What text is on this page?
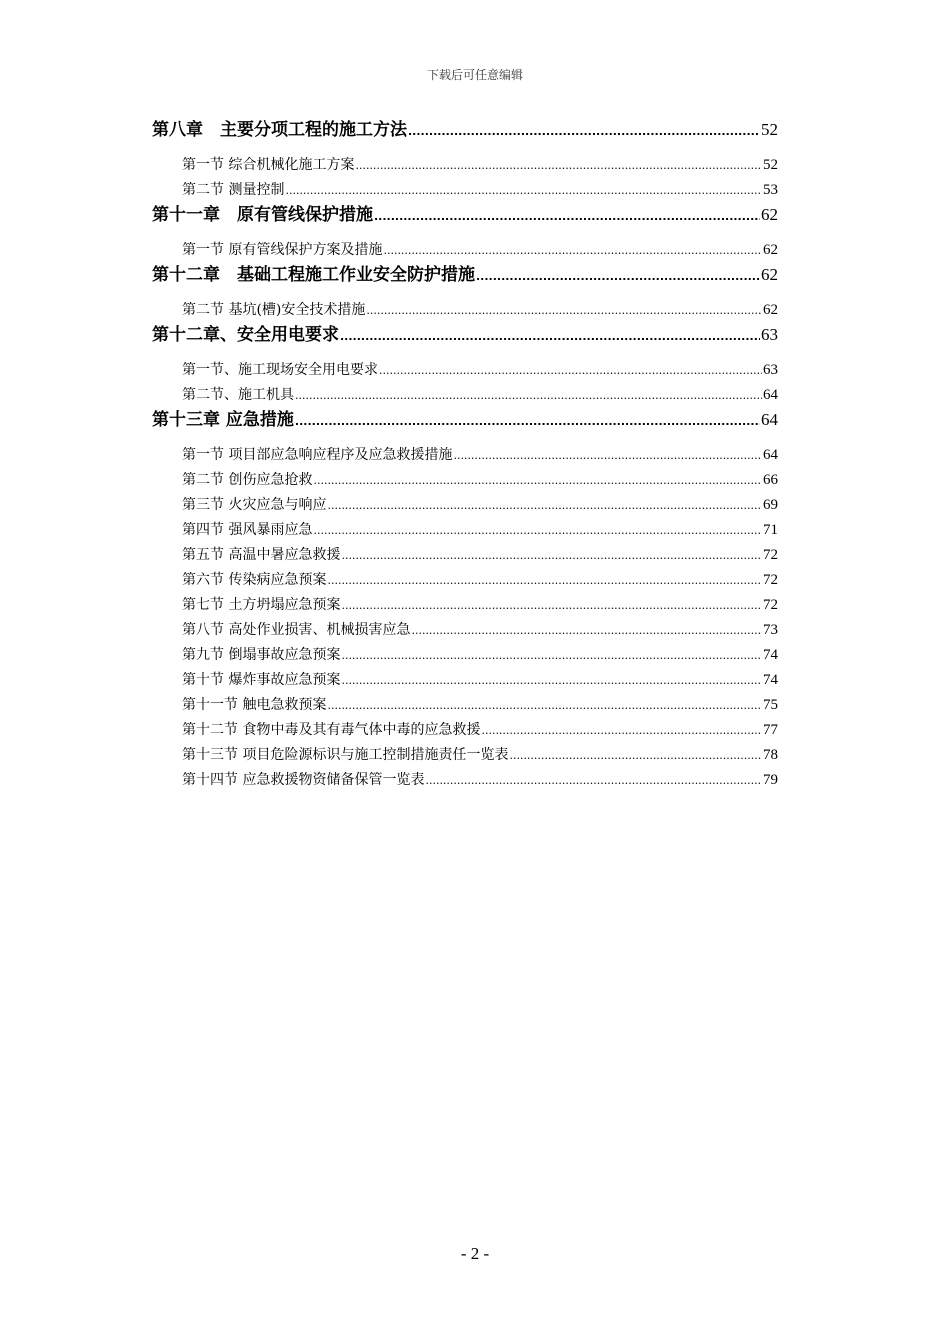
下载后可任意编辑
第八章　主要分项工程的施工方法 .....	52
第一节 综合机械化施工方案 .....	52
第二节 测量控制 .....	53
第十一章　原有管线保护措施 .....	62
第一节 原有管线保护方案及措施 .....	62
第十二章　基础工程施工作业安全防护措施 .....	62
第二节 基坑(槽)安全技术措施 .....	62
第十二章、安全用电要求 .....	63
第一节、施工现场安全用电要求 .....	63
第二节、施工机具 .....	64
第十三章 应急措施 .....	64
第一节 项目部应急响应程序及应急救援措施 .....	64
第二节 创伤应急抢救 .....	66
第三节 火灾应急与响应 .....	69
第四节 强风暴雨应急 .....	71
第五节 高温中暑应急救援 .....	72
第六节 传染病应急预案 .....	72
第七节 土方坍塌应急预案 .....	72
第八节 高处作业损害、机械损害应急 .....	73
第九节 倒塌事故应急预案 .....	74
第十节 爆炸事故应急预案 .....	74
第十一节 触电急救预案 .....	75
第十二节 食物中毒及其有毒气体中毒的应急救援 .....	77
第十三节 项目危险源标识与施工控制措施责任一览表 .....	78
第十四节 应急救援物资储备保管一览表 .....	79
- 2 -
